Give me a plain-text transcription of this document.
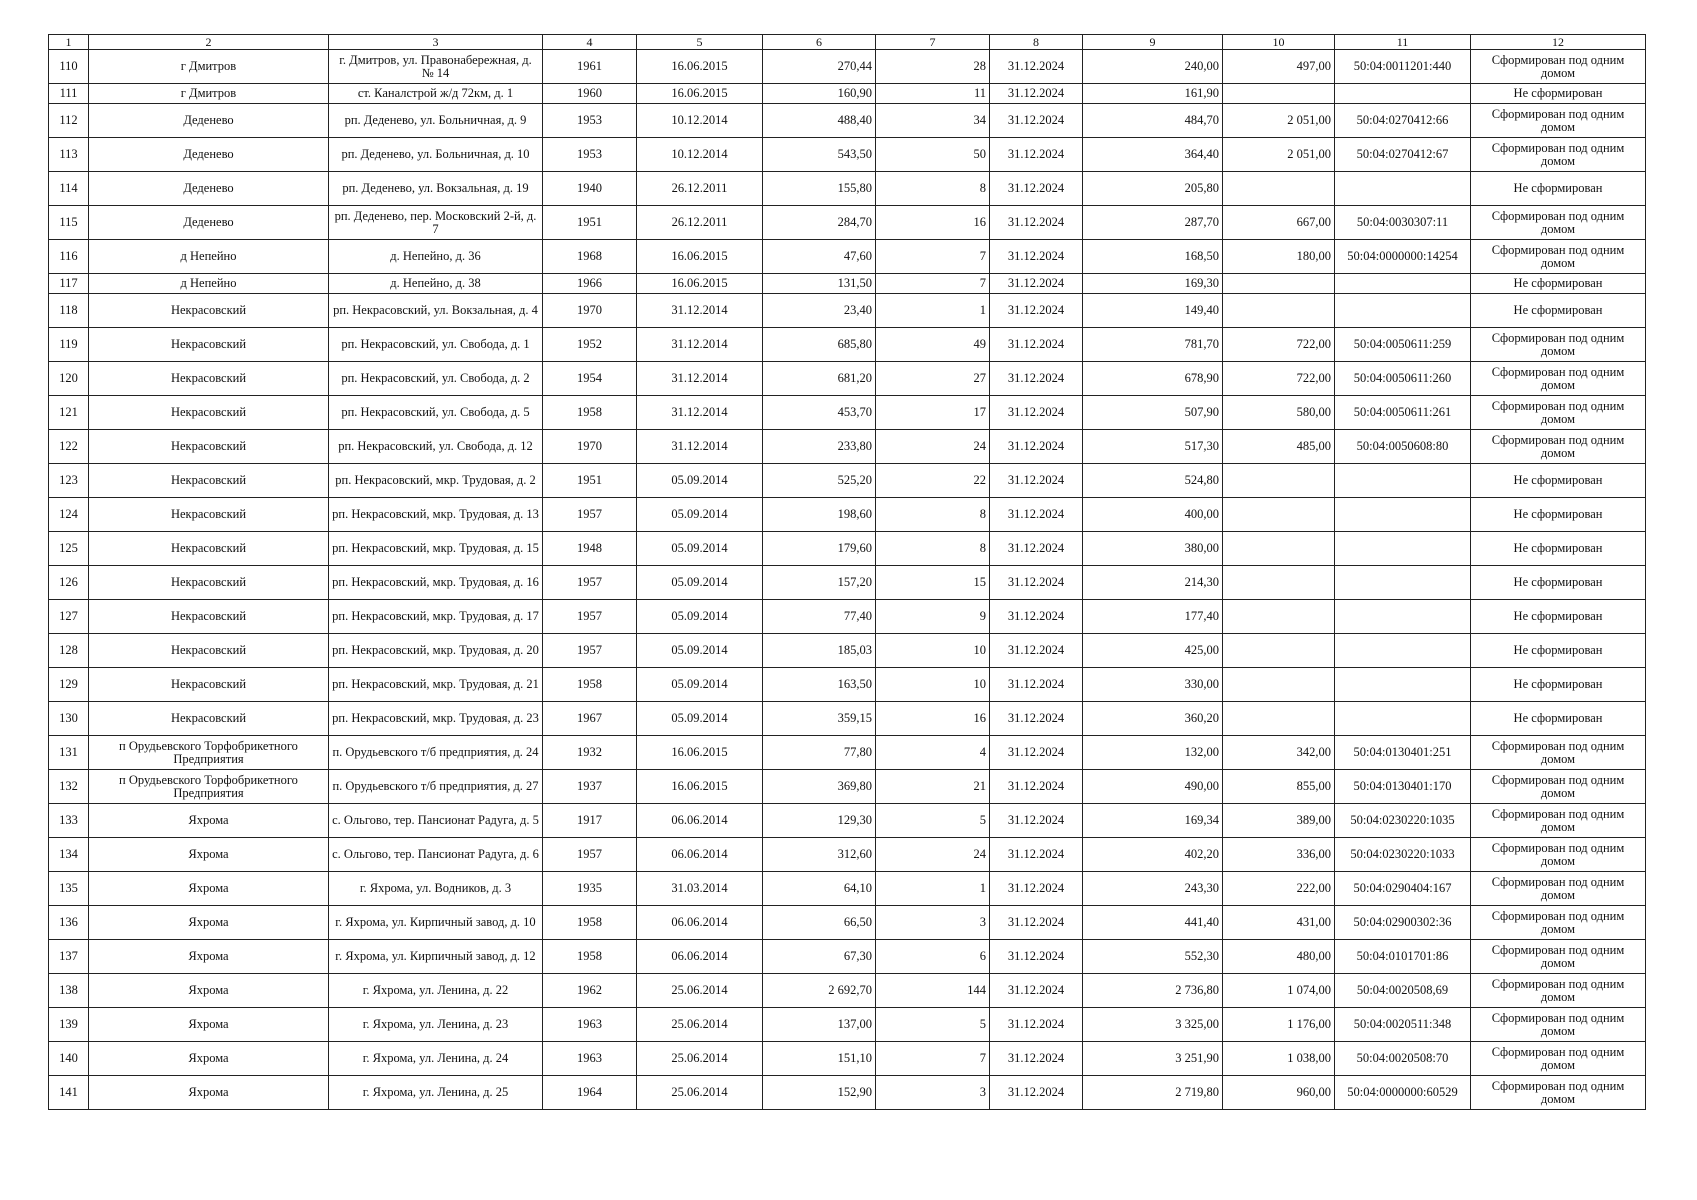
1	2	3	4	5	6	7	8	9	10	11	12
110	г Дмитров	г. Дмитров, ул. Правонабережная, д. № 14	1961	16.06.2015	270,44	28	31.12.2024	240,00	497,00	50:04:0011201:440	Сформирован под одним домом
111	г Дмитров	ст. Каналстрой ж/д 72км, д. 1	1960	16.06.2015	160,90	11	31.12.2024	161,90			Не сформирован
112	Деденево	рп. Деденево, ул. Больничная, д. 9	1953	10.12.2014	488,40	34	31.12.2024	484,70	2 051,00	50:04:0270412:66	Сформирован под одним домом
113	Деденево	рп. Деденево, ул. Больничная, д. 10	1953	10.12.2014	543,50	50	31.12.2024	364,40	2 051,00	50:04:0270412:67	Сформирован под одним домом
114	Деденево	рп. Деденево, ул. Вокзальная, д. 19	1940	26.12.2011	155,80	8	31.12.2024	205,80			Не сформирован
115	Деденево	рп. Деденево, пер. Московский 2-й, д. 7	1951	26.12.2011	284,70	16	31.12.2024	287,70	667,00	50:04:0030307:11	Сформирован под одним домом
116	д Непейно	д. Непейно, д. 36	1968	16.06.2015	47,60	7	31.12.2024	168,50	180,00	50:04:0000000:14254	Сформирован под одним домом
117	д Непейно	д. Непейно, д. 38	1966	16.06.2015	131,50	7	31.12.2024	169,30			Не сформирован
118	Некрасовский	рп. Некрасовский, ул. Вокзальная, д. 4	1970	31.12.2014	23,40	1	31.12.2024	149,40			Не сформирован
119	Некрасовский	рп. Некрасовский, ул. Свобода, д. 1	1952	31.12.2014	685,80	49	31.12.2024	781,70	722,00	50:04:0050611:259	Сформирован под одним домом
120	Некрасовский	рп. Некрасовский, ул. Свобода, д. 2	1954	31.12.2014	681,20	27	31.12.2024	678,90	722,00	50:04:0050611:260	Сформирован под одним домом
121	Некрасовский	рп. Некрасовский, ул. Свобода, д. 5	1958	31.12.2014	453,70	17	31.12.2024	507,90	580,00	50:04:0050611:261	Сформирован под одним домом
122	Некрасовский	рп. Некрасовский, ул. Свобода, д. 12	1970	31.12.2014	233,80	24	31.12.2024	517,30	485,00	50:04:0050608:80	Сформирован под одним домом
123	Некрасовский	рп. Некрасовский, мкр. Трудовая, д. 2	1951	05.09.2014	525,20	22	31.12.2024	524,80			Не сформирован
124	Некрасовский	рп. Некрасовский, мкр. Трудовая, д. 13	1957	05.09.2014	198,60	8	31.12.2024	400,00			Не сформирован
125	Некрасовский	рп. Некрасовский, мкр. Трудовая, д. 15	1948	05.09.2014	179,60	8	31.12.2024	380,00			Не сформирован
126	Некрасовский	рп. Некрасовский, мкр. Трудовая, д. 16	1957	05.09.2014	157,20	15	31.12.2024	214,30			Не сформирован
127	Некрасовский	рп. Некрасовский, мкр. Трудовая, д. 17	1957	05.09.2014	77,40	9	31.12.2024	177,40			Не сформирован
128	Некрасовский	рп. Некрасовский, мкр. Трудовая, д. 20	1957	05.09.2014	185,03	10	31.12.2024	425,00			Не сформирован
129	Некрасовский	рп. Некрасовский, мкр. Трудовая, д. 21	1958	05.09.2014	163,50	10	31.12.2024	330,00			Не сформирован
130	Некрасовский	рп. Некрасовский, мкр. Трудовая, д. 23	1967	05.09.2014	359,15	16	31.12.2024	360,20			Не сформирован
131	п Орудьевского Торфобрикетного Предприятия	п. Орудьевского т/б предприятия, д. 24	1932	16.06.2015	77,80	4	31.12.2024	132,00	342,00	50:04:0130401:251	Сформирован под одним домом
132	п Орудьевского Торфобрикетного Предприятия	п. Орудьевского т/б предприятия, д. 27	1937	16.06.2015	369,80	21	31.12.2024	490,00	855,00	50:04:0130401:170	Сформирован под одним домом
133	Яхрома	с. Ольгово, тер. Пансионат Радуга, д. 5	1917	06.06.2014	129,30	5	31.12.2024	169,34	389,00	50:04:0230220:1035	Сформирован под одним домом
134	Яхрома	с. Ольгово, тер. Пансионат Радуга, д. 6	1957	06.06.2014	312,60	24	31.12.2024	402,20	336,00	50:04:0230220:1033	Сформирован под одним домом
135	Яхрома	г. Яхрома, ул. Водников, д. 3	1935	31.03.2014	64,10	1	31.12.2024	243,30	222,00	50:04:0290404:167	Сформирован под одним домом
136	Яхрома	г. Яхрома, ул. Кирпичный завод, д. 10	1958	06.06.2014	66,50	3	31.12.2024	441,40	431,00	50:04:02900302:36	Сформирован под одним домом
137	Яхрома	г. Яхрома, ул. Кирпичный завод, д. 12	1958	06.06.2014	67,30	6	31.12.2024	552,30	480,00	50:04:0101701:86	Сформирован под одним домом
138	Яхрома	г. Яхрома, ул. Ленина, д. 22	1962	25.06.2014	2 692,70	144	31.12.2024	2 736,80	1 074,00	50:04:0020508,69	Сформирован под одним домом
139	Яхрома	г. Яхрома, ул. Ленина, д. 23	1963	25.06.2014	137,00	5	31.12.2024	3 325,00	1 176,00	50:04:0020511:348	Сформирован под одним домом
140	Яхрома	г. Яхрома, ул. Ленина, д. 24	1963	25.06.2014	151,10	7	31.12.2024	3 251,90	1 038,00	50:04:0020508:70	Сформирован под одним домом
141	Яхрома	г. Яхрома, ул. Ленина, д. 25	1964	25.06.2014	152,90	3	31.12.2024	2 719,80	960,00	50:04:0000000:60529	Сформирован под одним домом
